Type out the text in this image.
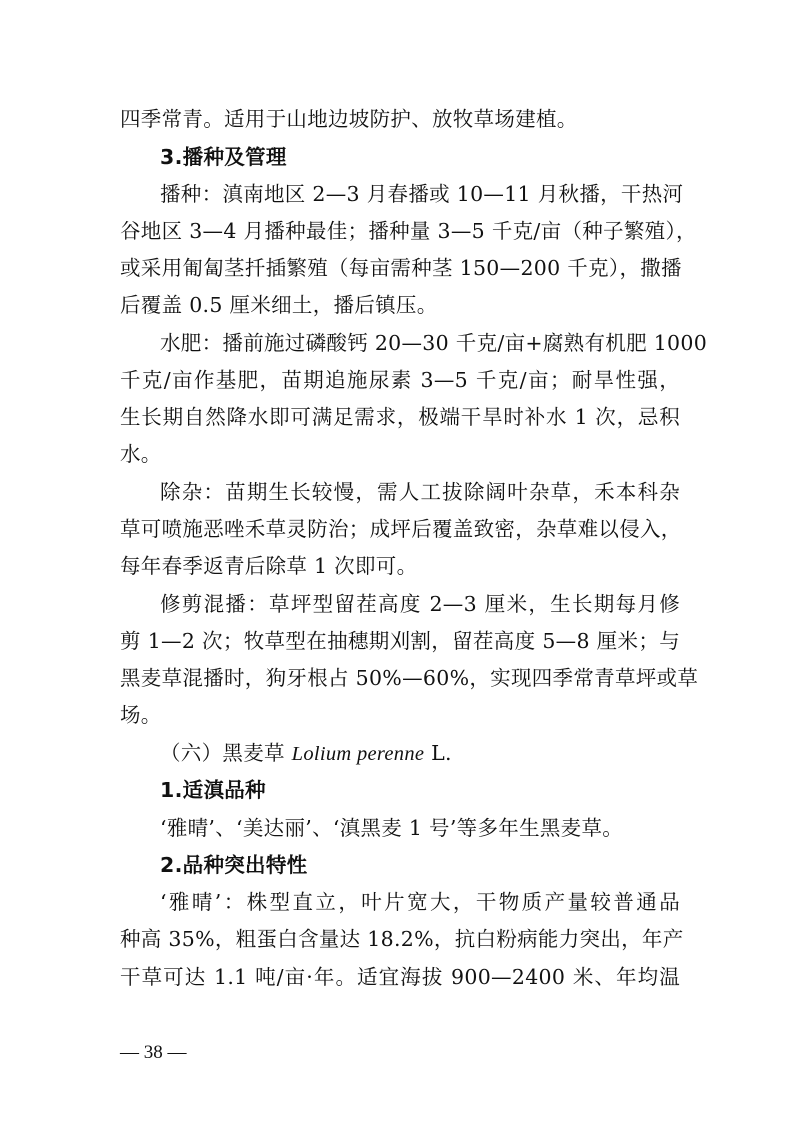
四季常青。适用于山地边坡防护、放牧草场建植。
3.播种及管理
播种：滇南地区 2—3 月春播或 10—11 月秋播，干热河
谷地区 3—4 月播种最佳；播种量 3—5 千克/亩（种子繁殖），
或采用匍匐茎扦插繁殖（每亩需种茎 150—200 千克），撒播
后覆盖 0.5 厘米细土，播后镇压。
水肥：播前施过磷酸钙 20—30 千克/亩+腐熟有机肥 1000
千克/亩作基肥，苗期追施尿素 3—5 千克/亩；耐旱性强，
生长期自然降水即可满足需求，极端干旱时补水 1 次，忌积
水。
除杂：苗期生长较慢，需人工拔除阔叶杂草，禾本科杂
草可喷施恶唑禾草灵防治；成坪后覆盖致密，杂草难以侵入，
每年春季返青后除草 1 次即可。
修剪混播：草坪型留茬高度 2—3 厘米，生长期每月修
剪 1—2 次；牧草型在抽穗期刈割，留茬高度 5—8 厘米；与
黑麦草混播时，狗牙根占 50%—60%，实现四季常青草坪或草
场。
（六）黑麦草 Lolium perenne L.
1.适滇品种
‘雅晴’、‘美达丽’、‘滇黑麦 1 号’等多年生黑麦草。
2.品种突出特性
‘雅晴’：株型直立，叶片宽大，干物质产量较普通品
种高 35%，粗蛋白含量达 18.2%，抗白粉病能力突出，年产
干草可达 1.1 吨/亩·年。适宜海拔 900—2400 米、年均温
— 38 —
